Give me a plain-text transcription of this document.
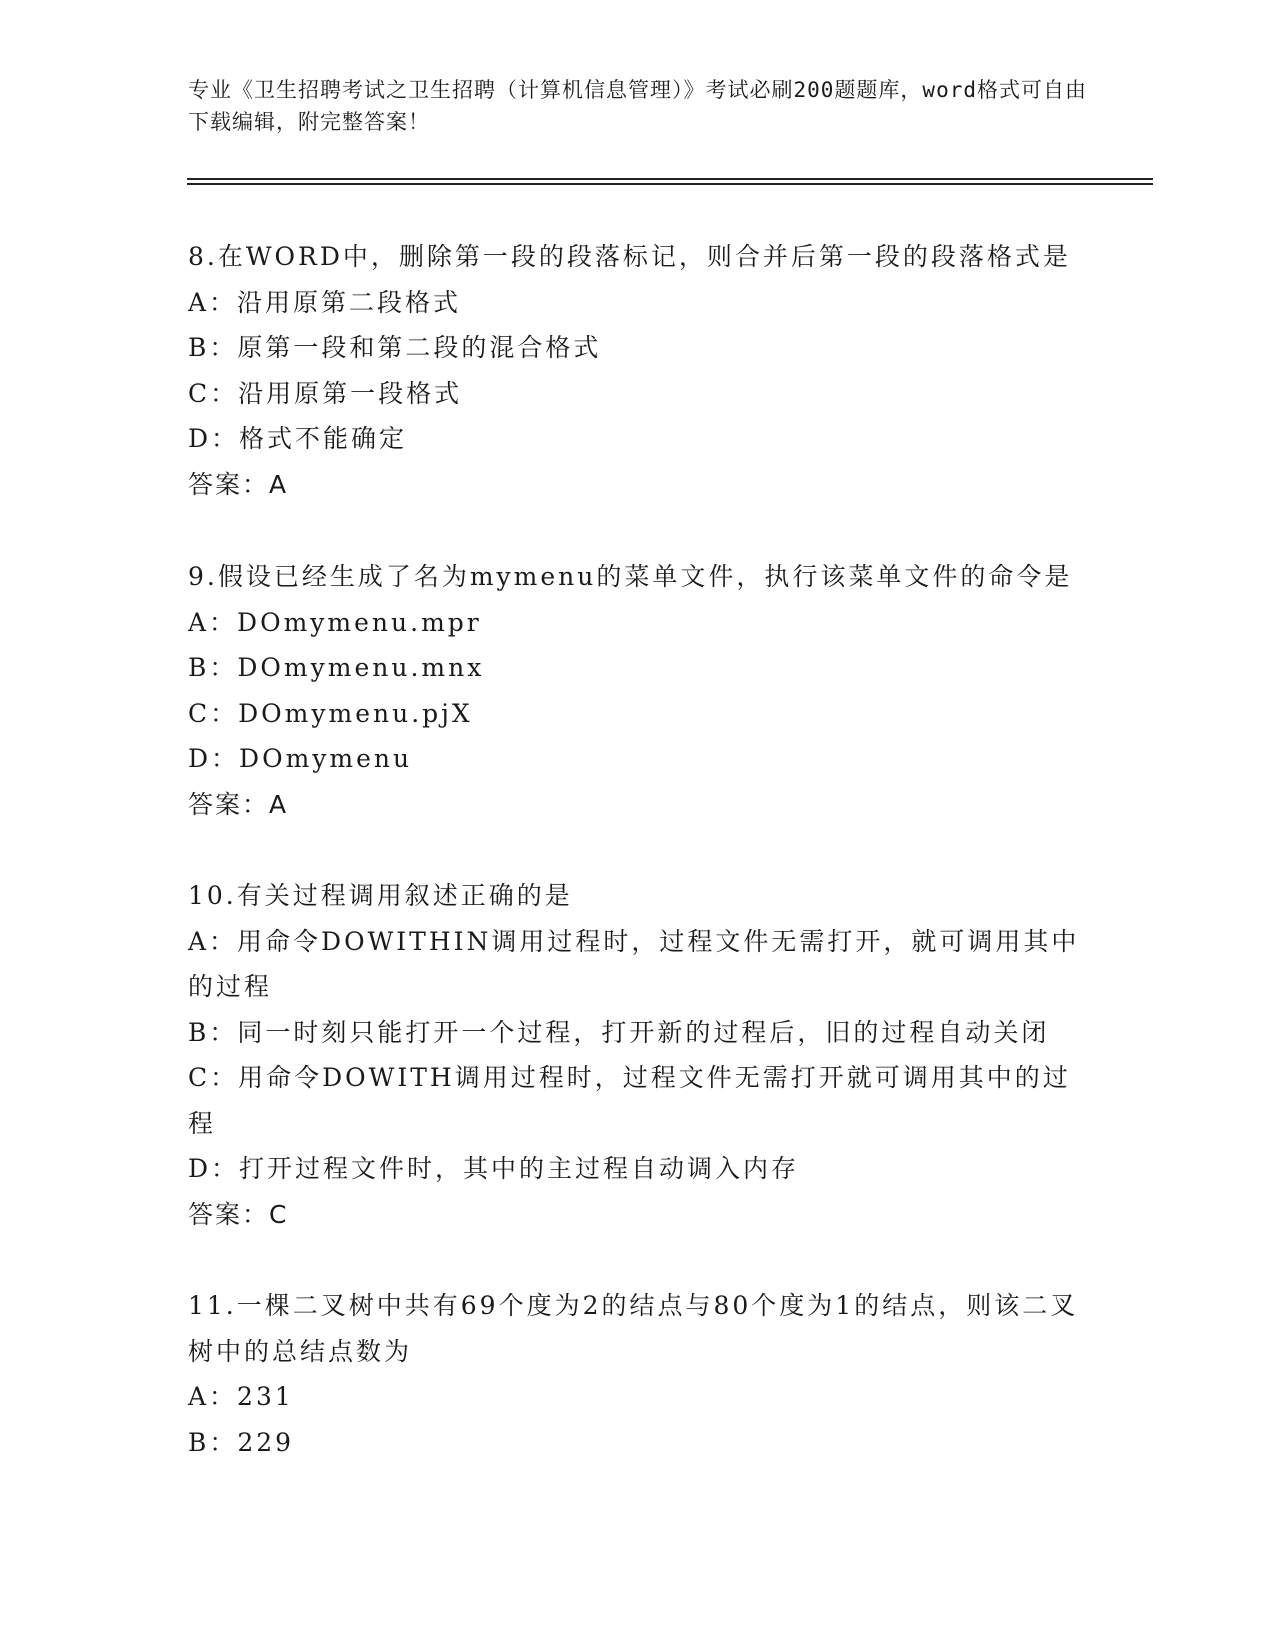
专业《卫生招聘考试之卫生招聘（计算机信息管理）》考试必刷200题题库，word格式可自由下载编辑，附完整答案！
8.在WORD中，删除第一段的段落标记，则合并后第一段的段落格式是
A：沿用原第二段格式
B：原第一段和第二段的混合格式
C：沿用原第一段格式
D：格式不能确定
答案：A
9.假设已经生成了名为mymenu的菜单文件，执行该菜单文件的命令是
A：DOmymenu.mpr
B：DOmymenu.mnx
C：DOmymenu.pjX
D：DOmymenu
答案：A
10.有关过程调用叙述正确的是
A：用命令DOWITHIN调用过程时，过程文件无需打开，就可调用其中的过程
B：同一时刻只能打开一个过程，打开新的过程后，旧的过程自动关闭
C：用命令DOWITH调用过程时，过程文件无需打开就可调用其中的过程
D：打开过程文件时，其中的主过程自动调入内存
答案：C
11.一棵二叉树中共有69个度为2的结点与80个度为1的结点，则该二叉树中的总结点数为
A：231
B：229
